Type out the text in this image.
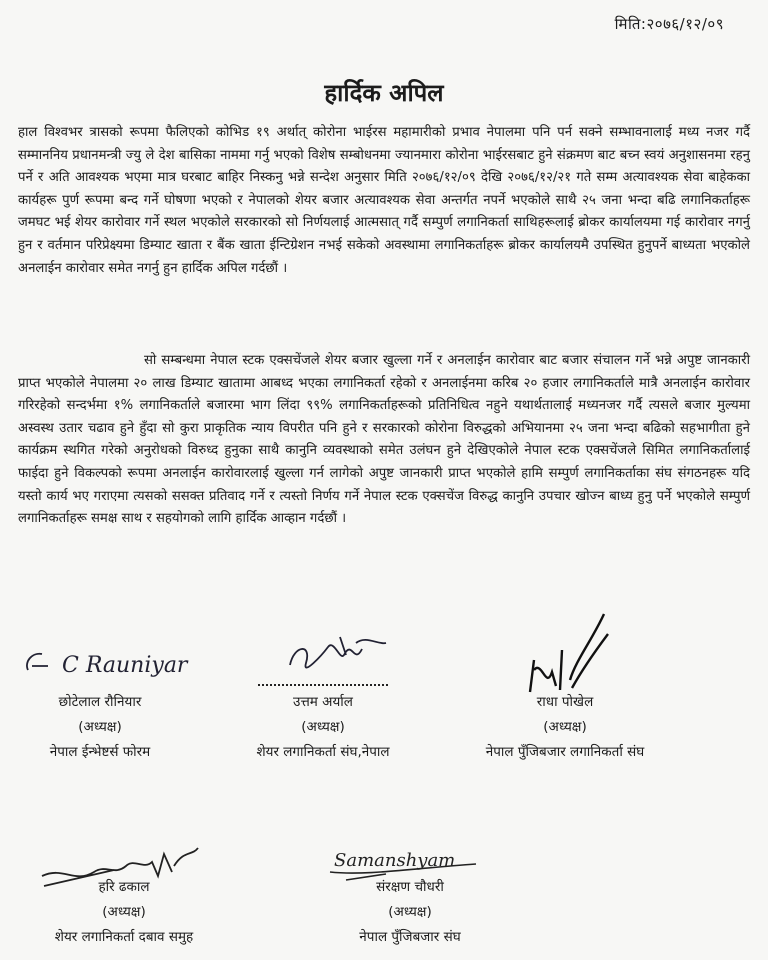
मिति:२०७६/१२/०९
हार्दिक अपिल

हाल विश्वभर त्रासको रूपमा फैलिएको कोभिड १९ अर्थात् कोरोना भाईरस महामारीको प्रभाव नेपालमा पनि पर्न सक्ने सम्भावनालाई मध्य नजर गर्दै सम्माननिय प्रधानमन्त्री ज्यु ले देश बासिका नाममा गर्नु भएको विशेष सम्बोधनमा ज्यानमारा कोरोना भाईरसबाट हुने संक्रमण बाट बच्न स्वयं अनुशासनमा रहनु पर्ने र अति आवश्यक भएमा मात्र घरबाट बाहिर निस्कनु भन्ने सन्देश अनुसार मिति २०७६/१२/०९ देखि २०७६/१२/२१ गते सम्म अत्यावश्यक सेवा बाहेकका कार्यहरू पुर्ण रूपमा बन्द गर्ने घोषणा भएको र नेपालको शेयर बजार अत्यावश्यक सेवा अन्तर्गत नपर्ने भएकोले साथै २५ जना भन्दा बढि लगानिकर्ताहरू जमघट भई शेयर कारोवार गर्ने स्थल भएकोले सरकारको सो निर्णयलाई आत्मसात् गर्दै सम्पुर्ण लगानिकर्ता साथिहरूलाई ब्रोकर कार्यालयमा गई कारोवार नगर्नु हुन र वर्तमान परिप्रेक्ष्यमा डिम्याट खाता र बैंक खाता ईन्टिग्रेशन नभई सकेको अवस्थामा लगानिकर्ताहरू ब्रोकर कार्यालयमै उपस्थित हुनुपर्ने बाध्यता भएकोले अनलाईन कारोवार समेत नगर्नु हुन हार्दिक अपिल गर्दछौं ।

सो सम्बन्धमा नेपाल स्टक एक्सचेंजले शेयर बजार खुल्ला गर्ने र अनलाईन कारोवार बाट बजार संचालन गर्ने भन्ने अपुष्ट जानकारी प्राप्त भएकोले नेपालमा २० लाख डिम्याट खातामा आबध्द भएका लगानिकर्ता रहेको र अनलाईनमा करिब २० हजार लगानिकर्ताले मात्रै अनलाईन कारोवार गरिरहेको सन्दर्भमा १% लगानिकर्ताले बजारमा भाग लिंदा ९९% लगानिकर्ताहरूको प्रतिनिधित्व नहुने यथार्थतालाई मध्यनजर गर्दै त्यसले बजार मुल्यमा अस्वस्थ उतार चढाव हुने हुँदा सो कुरा प्राकृतिक न्याय विपरीत पनि हुने र सरकारको कोरोना विरुद्धको अभियानमा २५ जना भन्दा बढिको सहभागीता हुने कार्यक्रम स्थगित गरेको अनुरोधको विरुध्द हुनुका साथै कानुनि व्यवस्थाको समेत उलंघन हुने देखिएकोले नेपाल स्टक एक्सचेंजले सिमित लगानिकर्तालाई फाईदा हुने विकल्पको रूपमा अनलाईन कारोवारलाई खुल्ला गर्न लागेको अपुष्ट जानकारी प्राप्त भएकोले हामि सम्पुर्ण लगानिकर्ताका संघ संगठनहरू यदि यस्तो कार्य भए गराएमा त्यसको ससक्त प्रतिवाद गर्ने र त्यस्तो निर्णय गर्ने नेपाल स्टक एक्सचेंज विरुद्ध कानुनि उपचार खोज्न बाध्य हुनु पर्ने भएकोले सम्पुर्ण लगानिकर्ताहरू समक्ष साथ र सहयोगको लागि हार्दिक आव्हान गर्दछौं ।

C Rauniyar
छोटेलाल रौनियार
(अध्यक्ष)
नेपाल ईन्भेष्टर्स फोरम
उत्तम अर्याल
(अध्यक्ष)
शेयर लगानिकर्ता संघ,नेपाल
राधा पोखेल
(अध्यक्ष)
नेपाल पुँजिबजार लगानिकर्ता संघ
हरि ढकाल
(अध्यक्ष)
शेयर लगानिकर्ता दबाव समुह
Samanshyam
संरक्षण चौधरी
(अध्यक्ष)
नेपाल पुँजिबजार संघ
